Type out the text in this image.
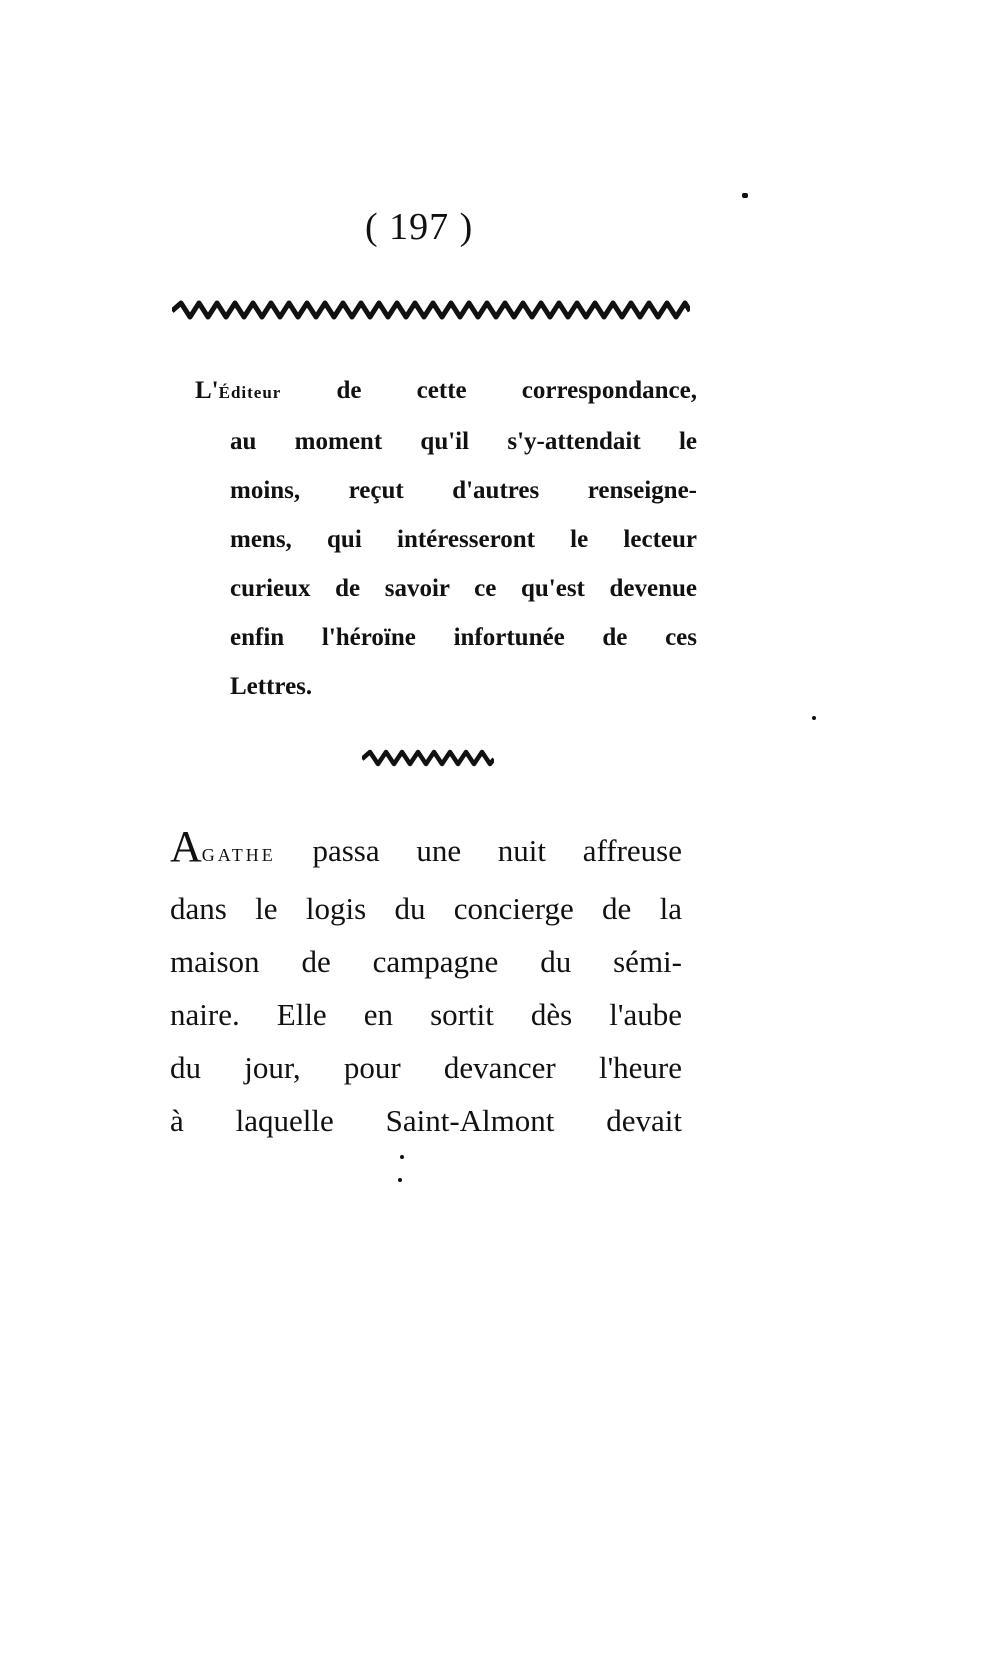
( 197 )
L'Éditeur de cette correspondance,
au moment qu'il s'y-attendait le
moins, reçut d'autres renseigne-
mens, qui intéresseront le lecteur
curieux de savoir ce qu'est devenue
enfin l'héroïne infortunée de ces
Lettres.
AGATHE passa une nuit affreuse
dans le logis du concierge de la
maison de campagne du sémi-
naire. Elle en sortit dès l'aube
du jour, pour devancer l'heure
à laquelle Saint-Almont devait
